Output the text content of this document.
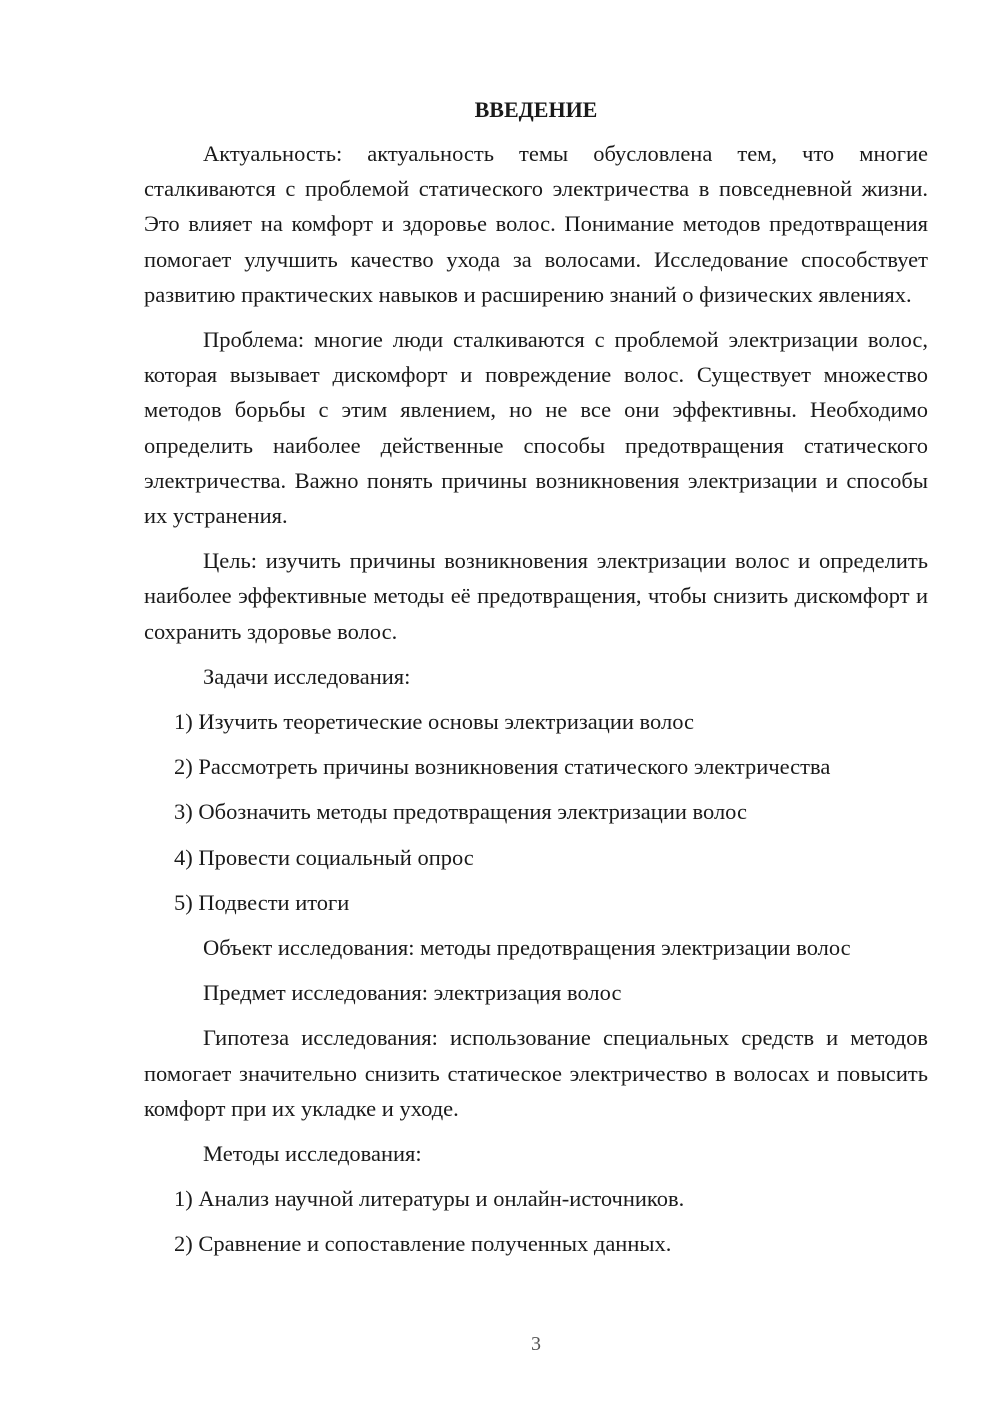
ВВЕДЕНИЕ

Актуальность: актуальность темы обусловлена тем, что многие сталкиваются с проблемой статического электричества в повседневной жизни. Это влияет на комфорт и здоровье волос. Понимание методов предотвращения помогает улучшить качество ухода за волосами. Исследование способствует развитию практических навыков и расширению знаний о физических явлениях.

Проблема: многие люди сталкиваются с проблемой электризации волос, которая вызывает дискомфорт и повреждение волос. Существует множество методов борьбы с этим явлением, но не все они эффективны. Необходимо определить наиболее действенные способы предотвращения статического электричества. Важно понять причины возникновения электризации и способы их устранения.

Цель: изучить причины возникновения электризации волос и определить наиболее эффективные методы её предотвращения, чтобы снизить дискомфорт и сохранить здоровье волос.

Задачи исследования:

1) Изучить теоретические основы электризации волос

2) Рассмотреть причины возникновения статического электричества

3) Обозначить методы предотвращения электризации волос

4) Провести социальный опрос

5) Подвести итоги

Объект исследования: методы предотвращения электризации волос

Предмет исследования: электризация волос

Гипотеза исследования: использование специальных средств и методов помогает значительно снизить статическое электричество в волосах и повысить комфорт при их укладке и уходе.

Методы исследования:

1) Анализ научной литературы и онлайн-источников.

2) Сравнение и сопоставление полученных данных.

3
